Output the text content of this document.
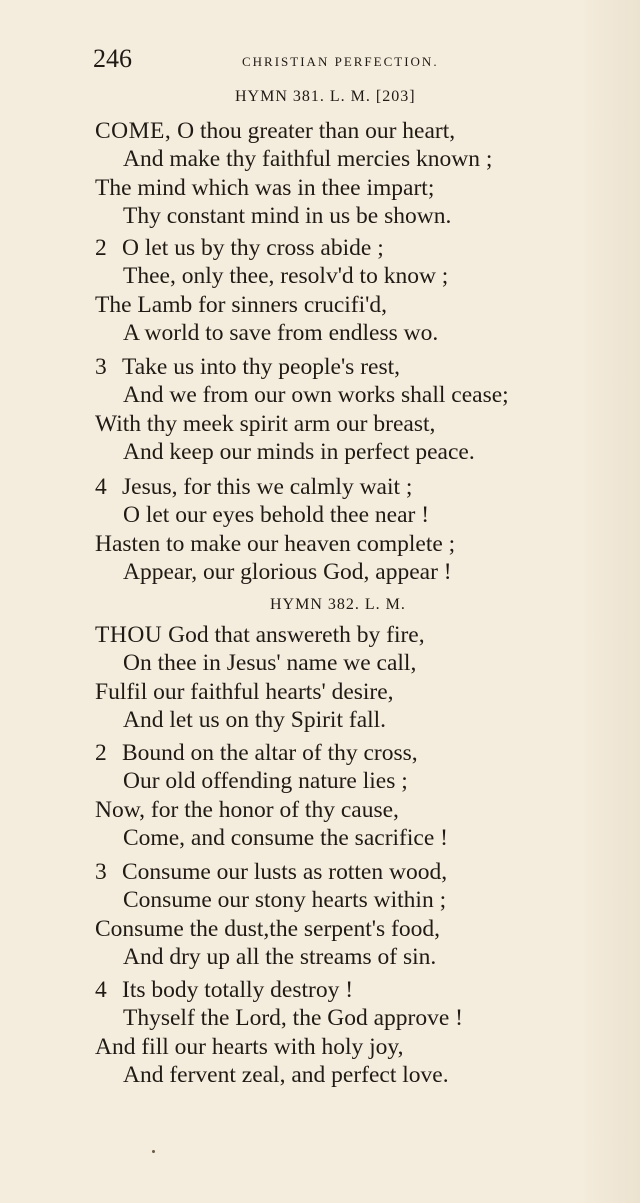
246	CHRISTIAN PERFECTION.
HYMN 381. L. M. [203]
COME, O thou greater than our heart,
And make thy faithful mercies known ;
The mind which was in thee impart;
Thy constant mind in us be shown.
2 O let us by thy cross abide ;
Thee, only thee, resolv'd to know ;
The Lamb for sinners crucifi'd,
A world to save from endless wo.
3 Take us into thy people's rest,
And we from our own works shall cease;
With thy meek spirit arm our breast,
And keep our minds in perfect peace.
4 Jesus, for this we calmly wait ;
O let our eyes behold thee near !
Hasten to make our heaven complete ;
Appear, our glorious God, appear !
HYMN 382. L. M.
THOU God that answereth by fire,
On thee in Jesus' name we call,
Fulfil our faithful hearts' desire,
And let us on thy Spirit fall.
2 Bound on the altar of thy cross,
Our old offending nature lies ;
Now, for the honor of thy cause,
Come, and consume the sacrifice !
3 Consume our lusts as rotten wood,
Consume our stony hearts within ;
Consume the dust,the serpent's food,
And dry up all the streams of sin.
4 Its body totally destroy !
Thyself the Lord, the God approve !
And fill our hearts with holy joy,
And fervent zeal, and perfect love.
